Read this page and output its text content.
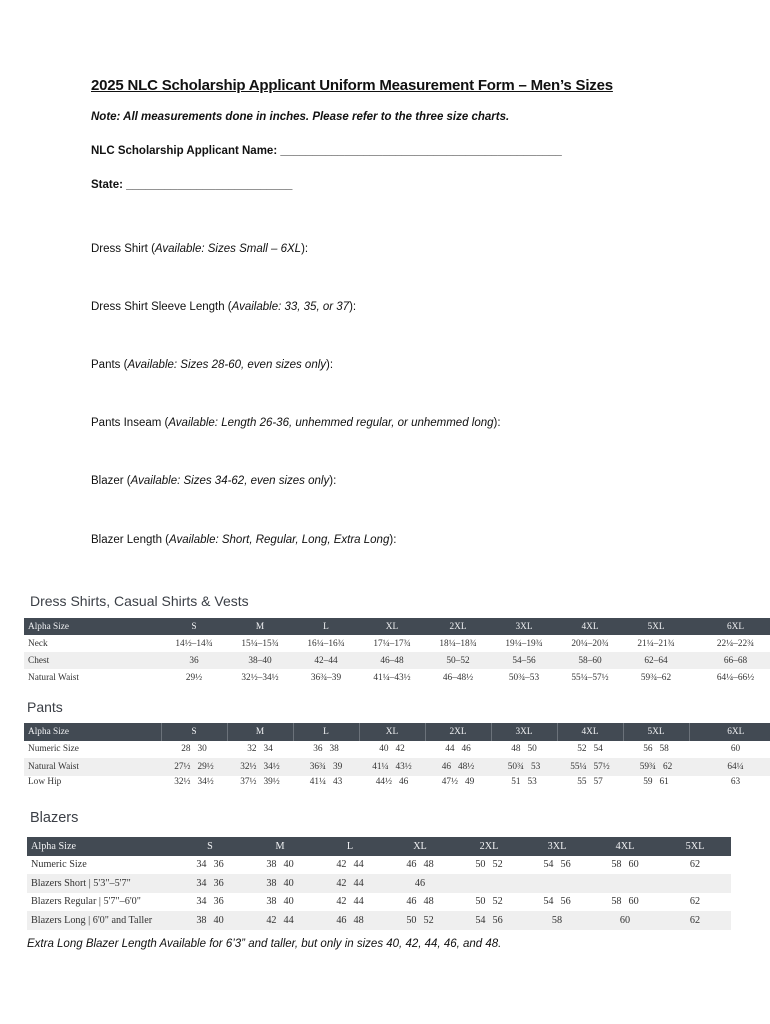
2025 NLC Scholarship Applicant Uniform Measurement Form – Men’s Sizes
Note: All measurements done in inches. Please refer to the three size charts.
NLC Scholarship Applicant Name: ____________________________________________
State: __________________________
Dress Shirt (Available: Sizes Small – 6XL):
Dress Shirt Sleeve Length (Available: 33, 35, or 37):
Pants (Available: Sizes 28-60, even sizes only):
Pants Inseam (Available: Length 26-36, unhemmed regular, or unhemmed long):
Blazer (Available: Sizes 34-62, even sizes only):
Blazer Length (Available: Short, Regular, Long, Extra Long):
Dress Shirts, Casual Shirts & Vests
Alpha Size	S	M	L	XL	2XL	3XL	4XL	5XL	6XL
Neck	14½–14¾	15¼–15¾	16¼–16¾	17¼–17¾	18¼–18¾	19¼–19¾	20¼–20¾	21¼–21¾	22¼–22¾
Chest	36	38–40	42–44	46–48	50–52	54–56	58–60	62–64	66–68
Natural Waist	29½	32½–34½	36¾–39	41¼–43½	46–48½	50¾–53	55¼–57½	59¾–62	64¼–66½
Pants
Alpha Size	S	M	L	XL	2XL	3XL	4XL	5XL	6XL
Numeric Size	28 30	32 34	36 38	40 42	44 46	48 50	52 54	56 58	60

Natural Waist	27½ 29½	32½ 34½	36¾ 39	41¼ 43½	46 48½	50¾ 53	55¼ 57½	59¾ 62	64¼

Low Hip	32½ 34½	37½ 39½	41¼ 43	44½ 46	47½ 49	51 53	55 57	59 61	63
Blazers
Alpha Size	S	M	L	XL	2XL	3XL	4XL	5XL
Numeric Size	34 36	38 40	42 44	46 48	50 52	54 56	58 60	62

Blazers Short | 5'3"–5'7"	34 36	38 40	42 44	46				

Blazers Regular | 5'7"–6'0"	34 36	38 40	42 44	46 48	50 52	54 56	58 60	62

Blazers Long | 6'0" and Taller	38 40	42 44	46 48	50 52	54 56	58	60	62
Extra Long Blazer Length Available for 6’3” and taller, but only in sizes 40, 42, 44, 46, and 48.
